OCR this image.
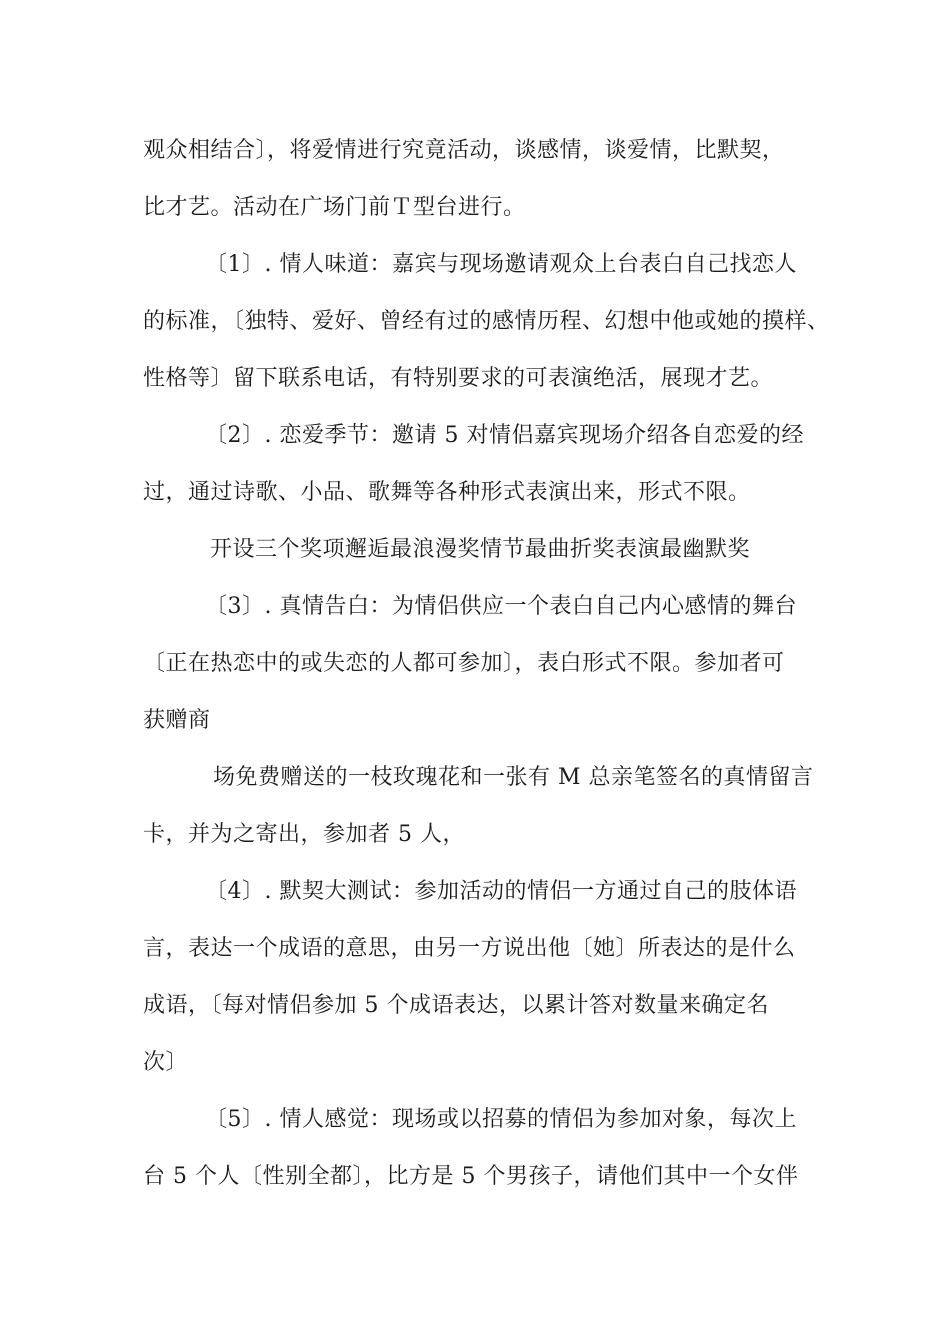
观众相结合〕，将爱情进行究竟活动，谈感情，谈爱情，比默契，
比才艺。活动在广场门前Ｔ型台进行。
〔1〕. 情人味道：嘉宾与现场邀请观众上台表白自己找恋人
的标准，〔独特、爱好、曾经有过的感情历程、幻想中他或她的摸样、
性格等〕留下联系电话，有特别要求的可表演绝活，展现才艺。
〔2〕. 恋爱季节：邀请 5 对情侣嘉宾现场介绍各自恋爱的经
过，通过诗歌、小品、歌舞等各种形式表演出来，形式不限。
开设三个奖项邂逅最浪漫奖情节最曲折奖表演最幽默奖
〔3〕. 真情告白：为情侣供应一个表白自己内心感情的舞台
〔正在热恋中的或失恋的人都可参加〕，表白形式不限。参加者可
获赠商
场免费赠送的一枝玫瑰花和一张有 M 总亲笔签名的真情留言
卡，并为之寄出，参加者 5 人，
〔4〕. 默契大测试：参加活动的情侣一方通过自己的肢体语
言，表达一个成语的意思，由另一方说出他〔她〕所表达的是什么
成语，〔每对情侣参加 5 个成语表达，以累计答对数量来确定名
次〕
〔5〕. 情人感觉：现场或以招募的情侣为参加对象，每次上
台 5 个人〔性别全都〕，比方是 5 个男孩子，请他们其中一个女伴
